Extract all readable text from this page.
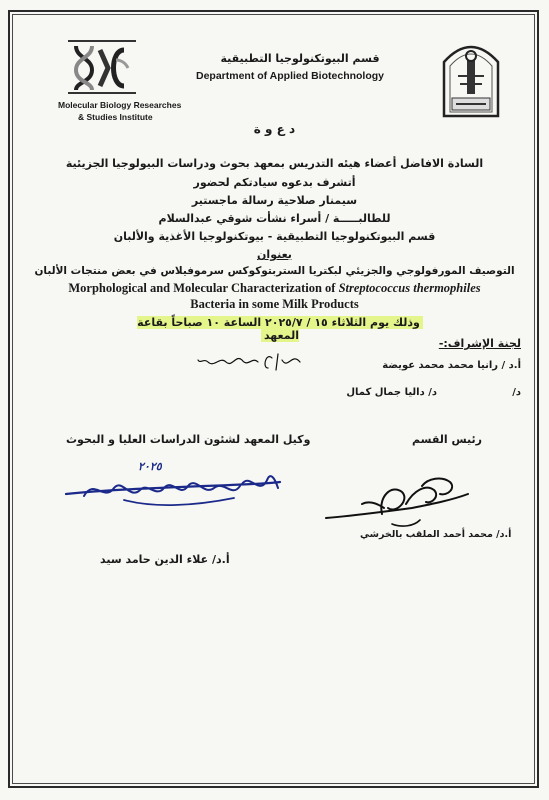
Molecular Biology Researches
& Studies Institute
قسم البيوتكنولوجيا التطبيقية
Department of Applied Biotechnology
د ع و ة
السادة الافاضل أعضاء هيئه التدريس بمعهد بحوث ودراسات البيولوجيا الجزيئية
أتشرف بدعوه سيادتكم لحضور
سيمنار صلاحية رسالة ماجستير
للطالبـــــة / أسراء نشأت شوقي عبدالسلام
قسم البيوتكنولوجيا التطبيقية - بيوتكنولوجيا الأغذية والألبان
بعنوان
التوصيف المورفولوجي والجزيئي لبكتريا الستربتوكوكس سرموفيلاس في بعض منتجات الألبان
Morphological and Molecular Characterization of Streptococcus thermophiles
Bacteria in some Milk Products
وذلك يوم الثلاثاء ١٥ / ٢٠٢٥/٧ الساعة ١٠ صباحاً بقاعة المعهد
لجنة الإشراف:-
أ.د / رانيا محمد محمد عويضة
د/ داليا جمال كمال	د/
وكيل المعهد لشئون الدراسات العليا و البحوث	رئيس القسم
٢٠٢٥
أ.د/ علاء الدين حامد سيد
أ.د/ محمد أحمد الملقب بالخرشي
